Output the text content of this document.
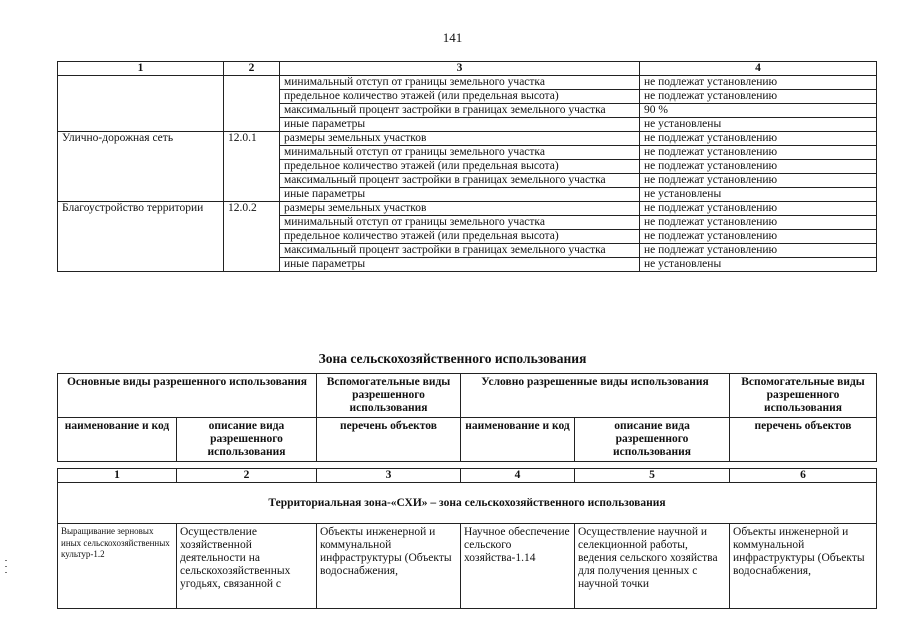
141
1	2	3	4
		минимальный отступ от границы земельного участка	не подлежат установлению
		предельное количество этажей (или предельная высота)	не подлежат установлению
		максимальный процент застройки в границах земельного участка	90 %
		иные параметры	не установлены
Улично-дорожная сеть	12.0.1	размеры земельных участков	не подлежат установлению
		минимальный отступ от границы земельного участка	не подлежат установлению
		предельное количество этажей (или предельная высота)	не подлежат установлению
		максимальный процент застройки в границах земельного участка	не подлежат установлению
		иные параметры	не установлены
Благоустройство территории	12.0.2	размеры земельных участков	не подлежат установлению
		минимальный отступ от границы земельного участка	не подлежат установлению
		предельное количество этажей (или предельная высота)	не подлежат установлению
		максимальный процент застройки в границах земельного участка	не подлежат установлению
		иные параметры	не установлены
Зона сельскохозяйственного использования
Основные виды разрешенного использования		Вспомогательные виды разрешенного использования	Условно разрешенные виды использования		Вспомогательные виды разрешенного использования
наименование и код	описание вида разрешенного использования	перечень объектов	наименование и код	описание вида разрешенного использования	перечень объектов

1	2	3	4	5	6
Территориальная зона-«СХИ» – зона сельскохозяйственного использования					
Выращивание зерновых иных сельскохозяйственных культур-1.2	Осуществление хозяйственной деятельности на сельскохозяйственных угодьях, связанной с	Объекты инженерной и коммунальной инфраструктуры (Объекты водоснабжения,	Научное обеспечение сельского хозяйства-1.14	Осуществление научной и селекционной работы, ведения сельского хозяйства для получения ценных с научной точки	Объекты инженерной и коммунальной инфраструктуры (Объекты водоснабжения,
